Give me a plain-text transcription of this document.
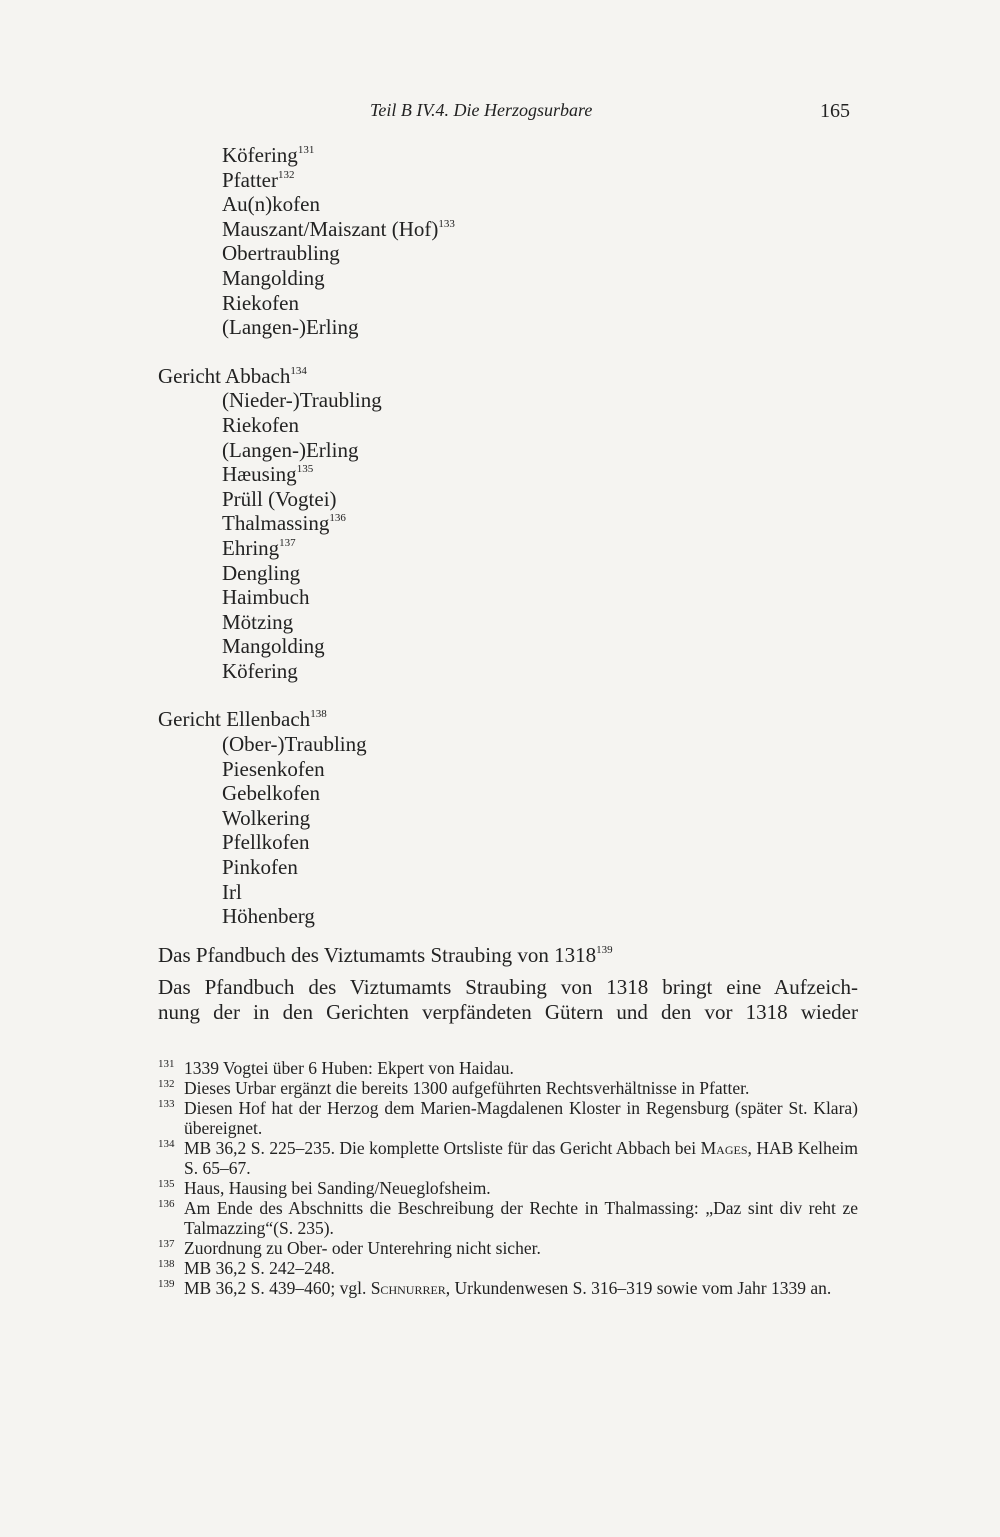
Teil B IV.4. Die Herzogsurbare	165
Köfering$^{131}$
Pfatter$^{132}$
Au(n)kofen
Mauszant/Maiszant (Hof)$^{133}$
Obertraubling
Mangolding
Riekofen
(Langen-)Erling
Gericht Abbach$^{134}$
(Nieder-)Traubling
Riekofen
(Langen-)Erling
Hæusing$^{135}$
Prüll (Vogtei)
Thalmassing$^{136}$
Ehring$^{137}$
Dengling
Haimbuch
Mötzing
Mangolding
Köfering
Gericht Ellenbach$^{138}$
(Ober-)Traubling
Piesenkofen
Gebelkofen
Wolkering
Pfellkofen
Pinkofen
Irl
Höhenberg
Das Pfandbuch des Viztumamts Straubing von 1318$^{139}$
Das Pfandbuch des Viztumamts Straubing von 1318 bringt eine Aufzeich-
nung der in den Gerichten verpfändeten Gütern und den vor 1318 wieder
131 1339 Vogtei über 6 Huben: Ekpert von Haidau.
132 Dieses Urbar ergänzt die bereits 1300 aufgeführten Rechtsverhältnisse in Pfatter.
133 Diesen Hof hat der Herzog dem Marien-Magdalenen Kloster in Regensburg (später St. Klara) übereignet.
134 MB 36,2 S. 225–235. Die komplette Ortsliste für das Gericht Abbach bei Mages, HAB Kelheim S. 65–67.
135 Haus, Hausing bei Sanding/Neueglofsheim.
136 Am Ende des Abschnitts die Beschreibung der Rechte in Thalmassing: „Daz sint div reht ze Talmazzing“(S. 235).
137 Zuordnung zu Ober- oder Unterehring nicht sicher.
138 MB 36,2 S. 242–248.
139 MB 36,2 S. 439–460; vgl. Schnurrer, Urkundenwesen S. 316–319 sowie vom Jahr 1339 an.
